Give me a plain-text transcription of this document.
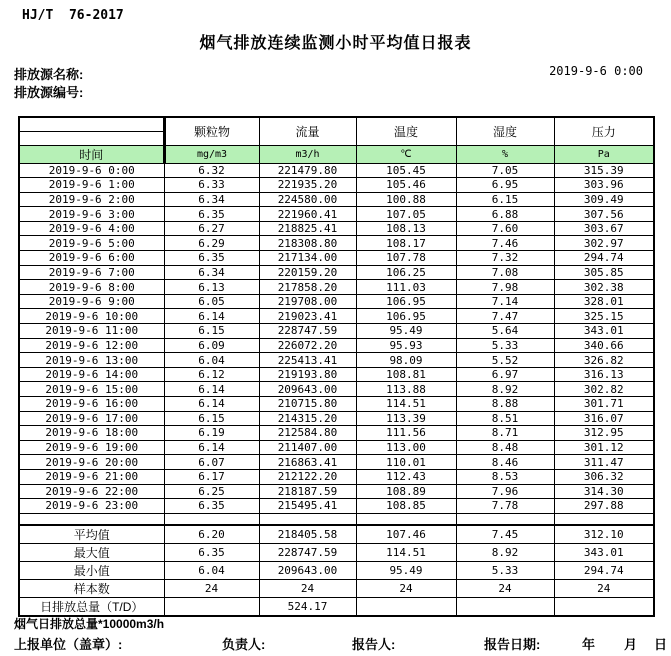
HJ/T  76-2017
烟气排放连续监测小时平均值日报表
排放源名称:
排放源编号:
2019-9-6 0:00
	颗粒物	流量	温度	湿度	压力
时间	mg/m3	m3/h	℃	%	Pa
2019-9-6 0:00	6.32	221479.80	105.45	7.05	315.39
2019-9-6 1:00	6.33	221935.20	105.46	6.95	303.96
2019-9-6 2:00	6.34	224580.00	100.88	6.15	309.49
2019-9-6 3:00	6.35	221960.41	107.05	6.88	307.56
2019-9-6 4:00	6.27	218825.41	108.13	7.60	303.67
2019-9-6 5:00	6.29	218308.80	108.17	7.46	302.97
2019-9-6 6:00	6.35	217134.00	107.78	7.32	294.74
2019-9-6 7:00	6.34	220159.20	106.25	7.08	305.85
2019-9-6 8:00	6.13	217858.20	111.03	7.98	302.38
2019-9-6 9:00	6.05	219708.00	106.95	7.14	328.01
2019-9-6 10:00	6.14	219023.41	106.95	7.47	325.15
2019-9-6 11:00	6.15	228747.59	95.49	5.64	343.01
2019-9-6 12:00	6.09	226072.20	95.93	5.33	340.66
2019-9-6 13:00	6.04	225413.41	98.09	5.52	326.82
2019-9-6 14:00	6.12	219193.80	108.81	6.97	316.13
2019-9-6 15:00	6.14	209643.00	113.88	8.92	302.82
2019-9-6 16:00	6.14	210715.80	114.51	8.88	301.71
2019-9-6 17:00	6.15	214315.20	113.39	8.51	316.07
2019-9-6 18:00	6.19	212584.80	111.56	8.71	312.95
2019-9-6 19:00	6.14	211407.00	113.00	8.48	301.12
2019-9-6 20:00	6.07	216863.41	110.01	8.46	311.47
2019-9-6 21:00	6.17	212122.20	112.43	8.53	306.32
2019-9-6 22:00	6.25	218187.59	108.89	7.96	314.30
2019-9-6 23:00	6.35	215495.41	108.85	7.78	297.88

平均值	6.20	218405.58	107.46	7.45	312.10
最大值	6.35	228747.59	114.51	8.92	343.01
最小值	6.04	209643.00	95.49	5.33	294.74
样本数	24	24	24	24	24
日排放总量（T/D）		524.17			
烟气日排放总量*10000m3/h
上报单位（盖章）:	负责人:	报告人:	报告日期:	年 月 日
